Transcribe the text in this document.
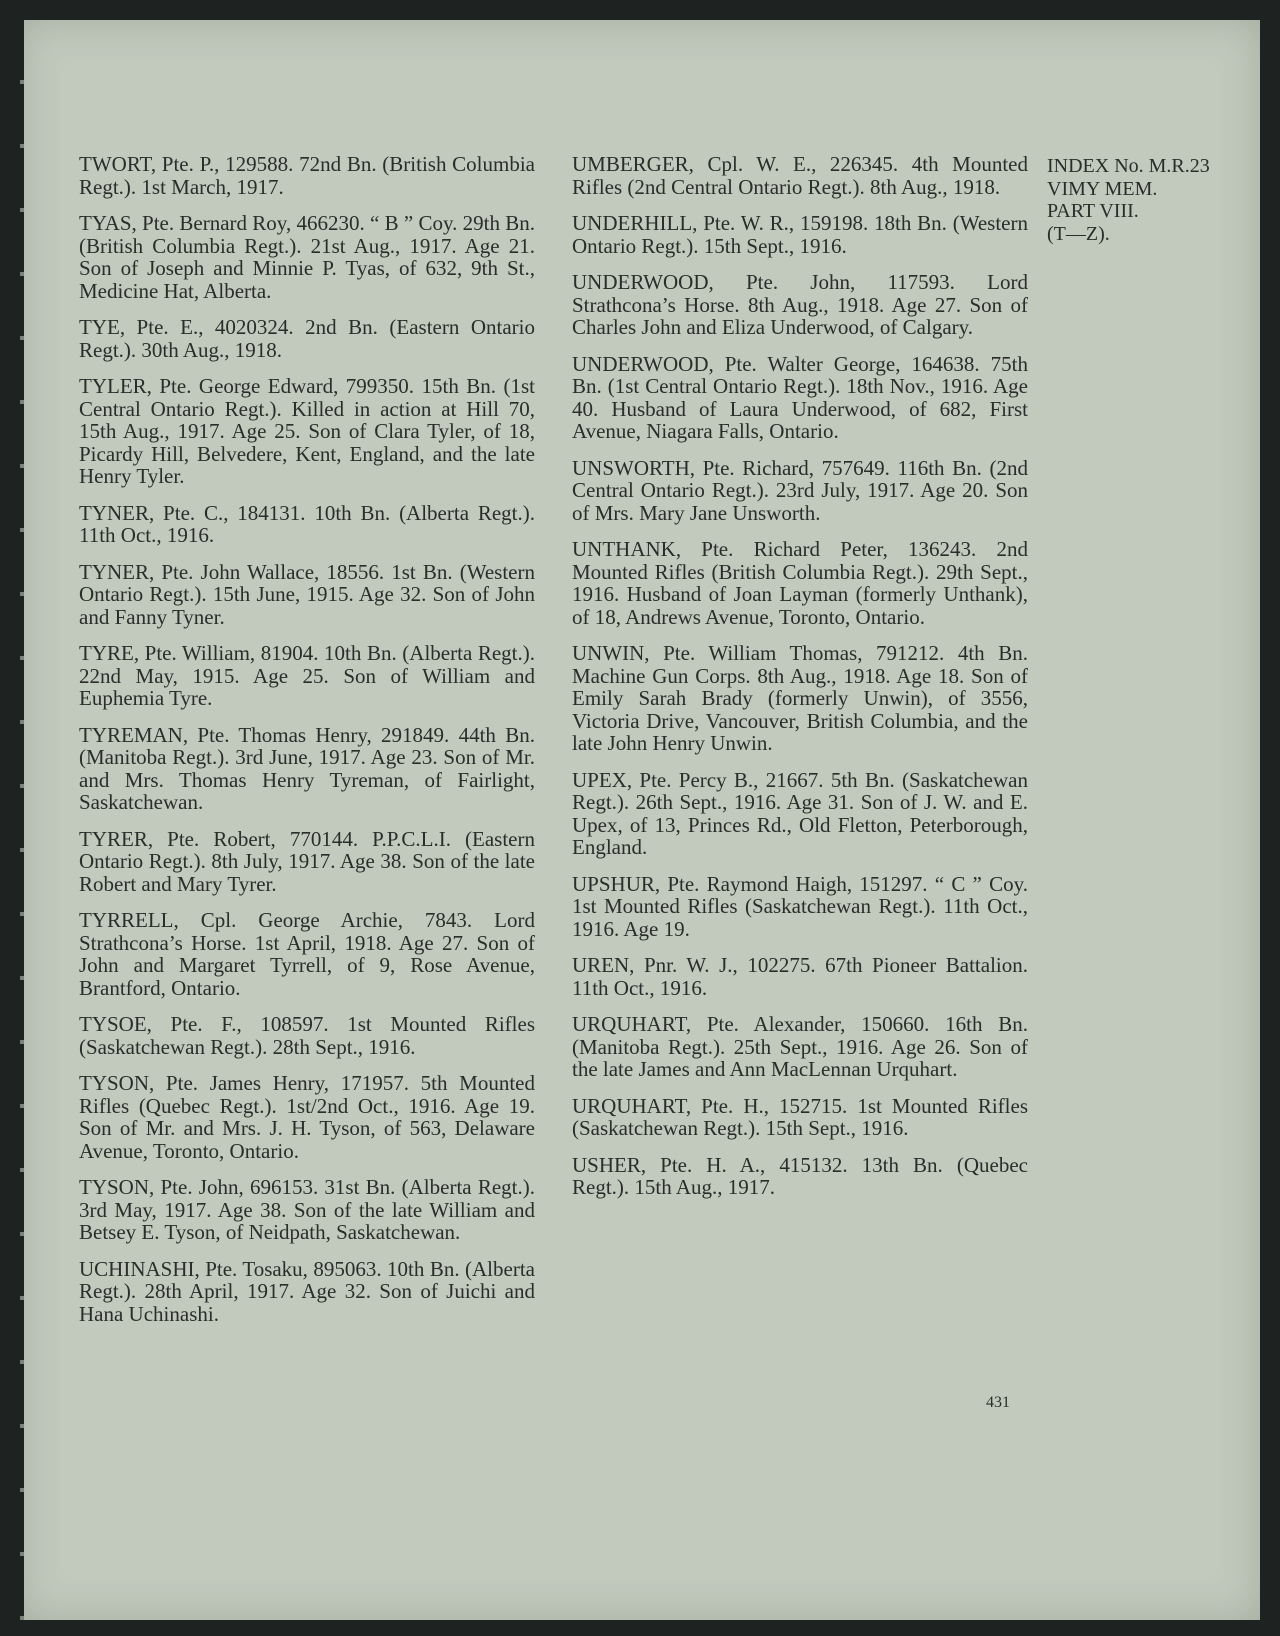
TWORT, Pte. P., 129588. 72nd Bn. (British Columbia Regt.). 1st March, 1917.

TYAS, Pte. Bernard Roy, 466230. “ B ” Coy. 29th Bn. (British Columbia Regt.). 21st Aug., 1917. Age 21. Son of Joseph and Minnie P. Tyas, of 632, 9th St., Medicine Hat, Alberta.

TYE, Pte. E., 4020324. 2nd Bn. (Eastern Ontario Regt.). 30th Aug., 1918.

TYLER, Pte. George Edward, 799350. 15th Bn. (1st Central Ontario Regt.). Killed in action at Hill 70, 15th Aug., 1917. Age 25. Son of Clara Tyler, of 18, Picardy Hill, Belvedere, Kent, England, and the late Henry Tyler.

TYNER, Pte. C., 184131. 10th Bn. (Alberta Regt.). 11th Oct., 1916.

TYNER, Pte. John Wallace, 18556. 1st Bn. (Western Ontario Regt.). 15th June, 1915. Age 32. Son of John and Fanny Tyner.

TYRE, Pte. William, 81904. 10th Bn. (Alberta Regt.). 22nd May, 1915. Age 25. Son of William and Euphemia Tyre.

TYREMAN, Pte. Thomas Henry, 291849. 44th Bn. (Manitoba Regt.). 3rd June, 1917. Age 23. Son of Mr. and Mrs. Thomas Henry Tyreman, of Fairlight, Saskatchewan.

TYRER, Pte. Robert, 770144. P.P.C.L.I. (Eastern Ontario Regt.). 8th July, 1917. Age 38. Son of the late Robert and Mary Tyrer.

TYRRELL, Cpl. George Archie, 7843. Lord Strathcona’s Horse. 1st April, 1918. Age 27. Son of John and Margaret Tyrrell, of 9, Rose Avenue, Brantford, Ontario.

TYSOE, Pte. F., 108597. 1st Mounted Rifles (Saskatchewan Regt.). 28th Sept., 1916.

TYSON, Pte. James Henry, 171957. 5th Mounted Rifles (Quebec Regt.). 1st/2nd Oct., 1916. Age 19. Son of Mr. and Mrs. J. H. Tyson, of 563, Delaware Avenue, Toronto, Ontario.

TYSON, Pte. John, 696153. 31st Bn. (Alberta Regt.). 3rd May, 1917. Age 38. Son of the late William and Betsey E. Tyson, of Neidpath, Saskatchewan.

UCHINASHI, Pte. Tosaku, 895063. 10th Bn. (Alberta Regt.). 28th April, 1917. Age 32. Son of Juichi and Hana Uchinashi.

UMBERGER, Cpl. W. E., 226345. 4th Mounted Rifles (2nd Central Ontario Regt.). 8th Aug., 1918.

UNDERHILL, Pte. W. R., 159198. 18th Bn. (Western Ontario Regt.). 15th Sept., 1916.

UNDERWOOD, Pte. John, 117593. Lord Strathcona’s Horse. 8th Aug., 1918. Age 27. Son of Charles John and Eliza Underwood, of Calgary.

UNDERWOOD, Pte. Walter George, 164638. 75th Bn. (1st Central Ontario Regt.). 18th Nov., 1916. Age 40. Husband of Laura Underwood, of 682, First Avenue, Niagara Falls, Ontario.

UNSWORTH, Pte. Richard, 757649. 116th Bn. (2nd Central Ontario Regt.). 23rd July, 1917. Age 20. Son of Mrs. Mary Jane Unsworth.

UNTHANK, Pte. Richard Peter, 136243. 2nd Mounted Rifles (British Columbia Regt.). 29th Sept., 1916. Husband of Joan Layman (formerly Unthank), of 18, Andrews Avenue, Toronto, Ontario.

UNWIN, Pte. William Thomas, 791212. 4th Bn. Machine Gun Corps. 8th Aug., 1918. Age 18. Son of Emily Sarah Brady (formerly Unwin), of 3556, Victoria Drive, Vancouver, British Columbia, and the late John Henry Unwin.

UPEX, Pte. Percy B., 21667. 5th Bn. (Saskatchewan Regt.). 26th Sept., 1916. Age 31. Son of J. W. and E. Upex, of 13, Princes Rd., Old Fletton, Peterborough, England.

UPSHUR, Pte. Raymond Haigh, 151297. “ C ” Coy. 1st Mounted Rifles (Saskatchewan Regt.). 11th Oct., 1916. Age 19.

UREN, Pnr. W. J., 102275. 67th Pioneer Battalion. 11th Oct., 1916.

URQUHART, Pte. Alexander, 150660. 16th Bn. (Manitoba Regt.). 25th Sept., 1916. Age 26. Son of the late James and Ann MacLennan Urquhart.

URQUHART, Pte. H., 152715. 1st Mounted Rifles (Saskatchewan Regt.). 15th Sept., 1916.

USHER, Pte. H. A., 415132. 13th Bn. (Quebec Regt.). 15th Aug., 1917.

INDEX No. M.R.23
VIMY MEM.
PART VIII.
(T—Z).
431
